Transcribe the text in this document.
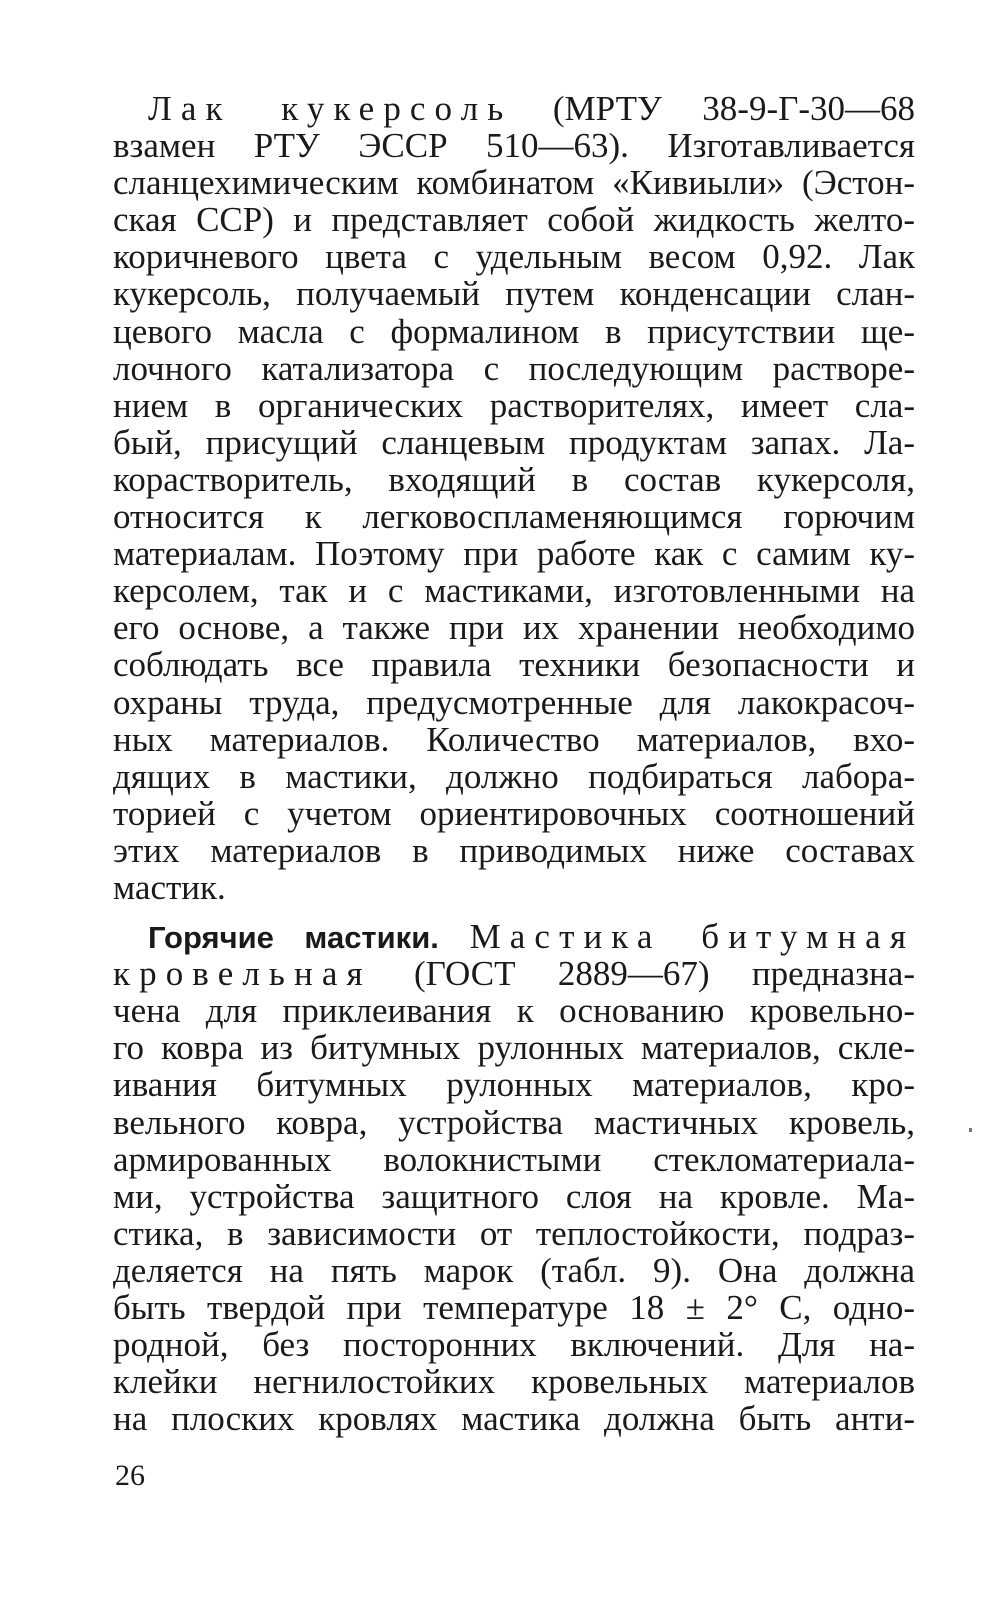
Лак кукерсоль (МРТУ 38-9-Г-30—68
взамен РТУ ЭССР 510—63). Изготавливается
сланцехимическим комбинатом «Кивиыли» (Эстон-
ская ССР) и представляет собой жидкость желто-
коричневого цвета с удельным весом 0,92. Лак
кукерсоль, получаемый путем конденсации слан-
цевого масла с формалином в присутствии ще-
лочного катализатора с последующим растворе-
нием в органических растворителях, имеет сла-
бый, присущий сланцевым продуктам запах. Ла-
корастворитель, входящий в состав кукерсоля,
относится к легковоспламеняющимся горючим
материалам. Поэтому при работе как с самим ку-
керсолем, так и с мастиками, изготовленными на
его основе, а также при их хранении необходимо
соблюдать все правила техники безопасности и
охраны труда, предусмотренные для лакокрасоч-
ных материалов. Количество материалов, вхо-
дящих в мастики, должно подбираться лабора-
торией с учетом ориентировочных соотношений
этих материалов в приводимых ниже составах
мастик.
Горячие мастики. Мастика битумная
кровельная (ГОСТ 2889—67) предназна-
чена для приклеивания к основанию кровельно-
го ковра из битумных рулонных материалов, скле-
ивания битумных рулонных материалов, кро-
вельного ковра, устройства мастичных кровель,
армированных волокнистыми стекломатериала-
ми, устройства защитного слоя на кровле. Ма-
стика, в зависимости от теплостойкости, подраз-
деляется на пять марок (табл. 9). Она должна
быть твердой при температуре 18 ± 2° С, одно-
родной, без посторонних включений. Для на-
клейки негнилостойких кровельных материалов
на плоских кровлях мастика должна быть анти-
26
